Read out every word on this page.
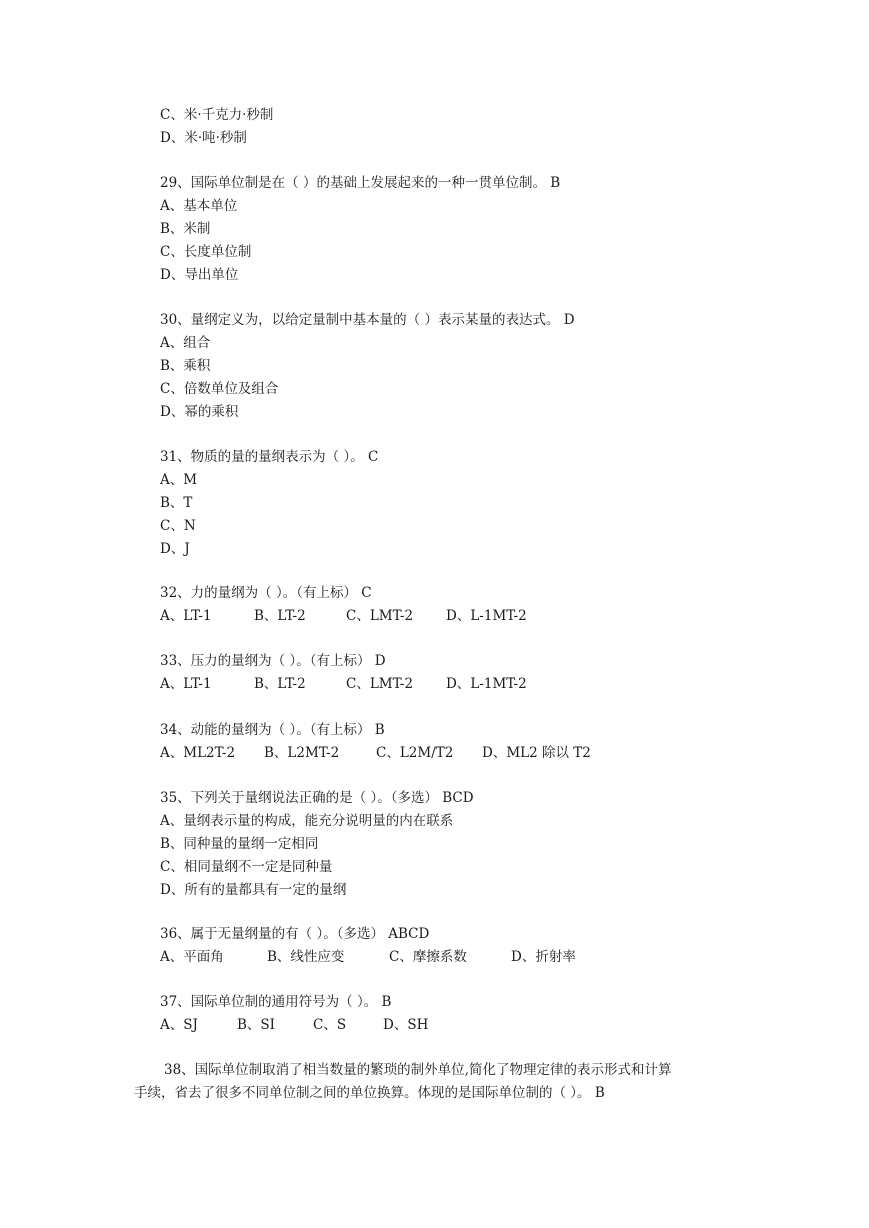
C、米·千克力·秒制
D、米·吨·秒制
29、国际单位制是在（ ）的基础上发展起来的一种一贯单位制。 B
A、基本单位
B、米制
C、长度单位制
D、导出单位
30、量纲定义为，以给定量制中基本量的（ ）表示某量的表达式。 D
A、组合
B、乘积
C、倍数单位及组合
D、幂的乘积
31、物质的量的量纲表示为（ ）。 C
A、M
B、T
C、N
D、J
32、力的量纲为（ ）。（有上标） C
A、LT-1	B、LT-2	C、LMT-2 D、L-1MT-2
33、压力的量纲为（ ）。（有上标） D
A、LT-1	B、LT-2	C、LMT-2 D、L-1MT-2
34、动能的量纲为（ ）。（有上标） B
A、ML2T-2 B、L2MT-2	C、L2M/T2 D、ML2 除以 T2
35、下列关于量纲说法正确的是（ ）。（多选） BCD
A、量纲表示量的构成，能充分说明量的内在联系
B、同种量的量纲一定相同
C、相同量纲不一定是同种量
D、所有的量都具有一定的量纲
36、属于无量纲量的有（ ）。（多选） ABCD
A、平面角	B、线性应变	C、摩擦系数	D、折射率
37、国际单位制的通用符号为（ ）。 B
A、SJ	B、SI	C、S	D、SH
38、国际单位制取消了相当数量的繁琐的制外单位,简化了物理定律的表示形式和计算
手续，省去了很多不同单位制之间的单位换算。体现的是国际单位制的（ ）。 B
